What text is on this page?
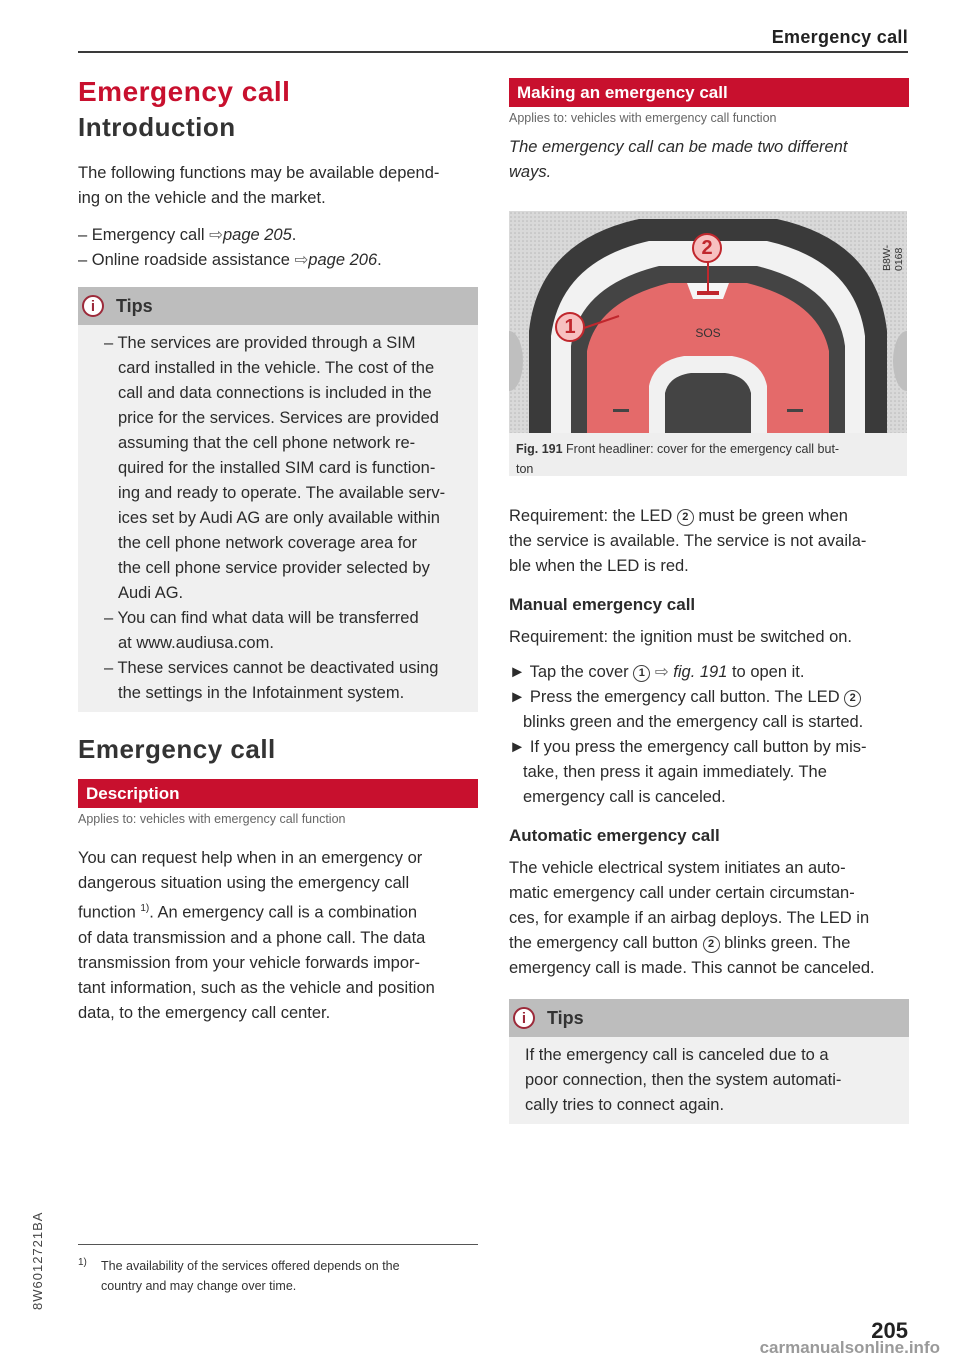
Emergency call
Emergency call
Introduction

The following functions may be available depend-

ing on the vehicle and the market.

– Emergency call ⇨page 205.

– Online roadside assistance ⇨page 206.

i	Tips

– The services are provided through a SIM

card installed in the vehicle. The cost of the

call and data connections is included in the

price for the services. Services are provided

assuming that the cell phone network re-

quired for the installed SIM card is function-

ing and ready to operate. The available serv-

ices set by Audi AG are only available within

the cell phone network coverage area for

the cell phone service provider selected by

Audi AG.

– You can find what data will be transferred

at www.audiusa.com.

– These services cannot be deactivated using

the settings in the Infotainment system.

Emergency call
Description

Applies to: vehicles with emergency call function

You can request help when in an emergency or

dangerous situation using the emergency call

function $^{1)}$. An emergency call is a combination

of data transmission and a phone call. The data

transmission from your vehicle forwards impor-

tant information, such as the vehicle and position

data, to the emergency call center.

Making an emergency call

Applies to: vehicles with emergency call function

The emergency call can be made two different

ways.

SOS
2
1
B8W-0168
Fig. 191 Front headliner: cover for the emergency call but-
ton

Requirement: the LED 2 must be green when

the service is available. The service is not availa-

ble when the LED is red.

Manual emergency call

Requirement: the ignition must be switched on.

► Tap the cover 1 ⇨ fig. 191 to open it.

► Press the emergency call button. The LED 2

blinks green and the emergency call is started.

► If you press the emergency call button by mis-

take, then press it again immediately. The

emergency call is canceled.

Automatic emergency call

The vehicle electrical system initiates an auto-

matic emergency call under certain circumstan-

ces, for example if an airbag deploys. The LED in

the emergency call button 2 blinks green. The

emergency call is made. This cannot be canceled.

i	Tips

If the emergency call is canceled due to a

poor connection, then the system automati-

cally tries to connect again.

1)	The availability of the services offered depends on the
country and may change over time.
8W6012721BA
205
carmanualsonline.info
